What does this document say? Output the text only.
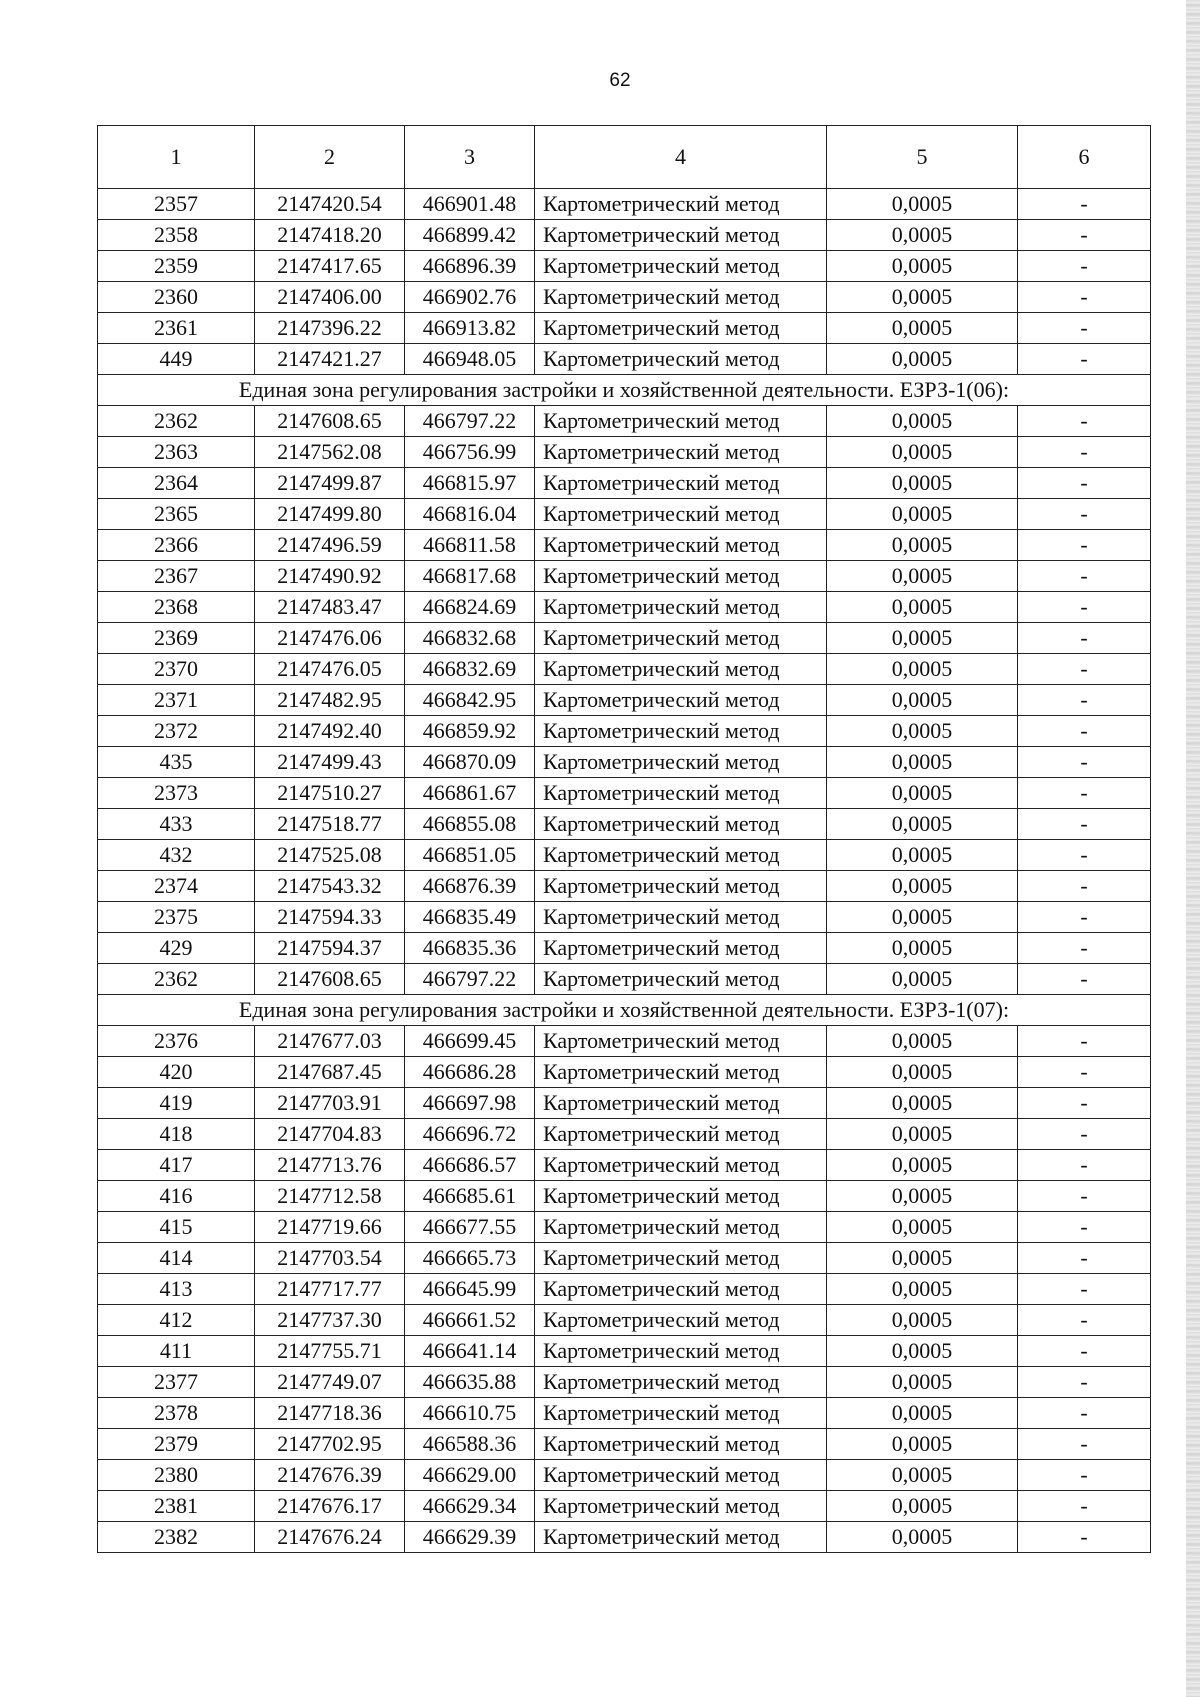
62
1	2	3	4	5	6
2357	2147420.54	466901.48	Картометрический метод	0,0005	-
2358	2147418.20	466899.42	Картометрический метод	0,0005	-
2359	2147417.65	466896.39	Картометрический метод	0,0005	-
2360	2147406.00	466902.76	Картометрический метод	0,0005	-
2361	2147396.22	466913.82	Картометрический метод	0,0005	-
449	2147421.27	466948.05	Картометрический метод	0,0005	-
Единая зона регулирования застройки и хозяйственной деятельности. ЕЗРЗ-1(06):					
2362	2147608.65	466797.22	Картометрический метод	0,0005	-
2363	2147562.08	466756.99	Картометрический метод	0,0005	-
2364	2147499.87	466815.97	Картометрический метод	0,0005	-
2365	2147499.80	466816.04	Картометрический метод	0,0005	-
2366	2147496.59	466811.58	Картометрический метод	0,0005	-
2367	2147490.92	466817.68	Картометрический метод	0,0005	-
2368	2147483.47	466824.69	Картометрический метод	0,0005	-
2369	2147476.06	466832.68	Картометрический метод	0,0005	-
2370	2147476.05	466832.69	Картометрический метод	0,0005	-
2371	2147482.95	466842.95	Картометрический метод	0,0005	-
2372	2147492.40	466859.92	Картометрический метод	0,0005	-
435	2147499.43	466870.09	Картометрический метод	0,0005	-
2373	2147510.27	466861.67	Картометрический метод	0,0005	-
433	2147518.77	466855.08	Картометрический метод	0,0005	-
432	2147525.08	466851.05	Картометрический метод	0,0005	-
2374	2147543.32	466876.39	Картометрический метод	0,0005	-
2375	2147594.33	466835.49	Картометрический метод	0,0005	-
429	2147594.37	466835.36	Картометрический метод	0,0005	-
2362	2147608.65	466797.22	Картометрический метод	0,0005	-
Единая зона регулирования застройки и хозяйственной деятельности. ЕЗРЗ-1(07):					
2376	2147677.03	466699.45	Картометрический метод	0,0005	-
420	2147687.45	466686.28	Картометрический метод	0,0005	-
419	2147703.91	466697.98	Картометрический метод	0,0005	-
418	2147704.83	466696.72	Картометрический метод	0,0005	-
417	2147713.76	466686.57	Картометрический метод	0,0005	-
416	2147712.58	466685.61	Картометрический метод	0,0005	-
415	2147719.66	466677.55	Картометрический метод	0,0005	-
414	2147703.54	466665.73	Картометрический метод	0,0005	-
413	2147717.77	466645.99	Картометрический метод	0,0005	-
412	2147737.30	466661.52	Картометрический метод	0,0005	-
411	2147755.71	466641.14	Картометрический метод	0,0005	-
2377	2147749.07	466635.88	Картометрический метод	0,0005	-
2378	2147718.36	466610.75	Картометрический метод	0,0005	-
2379	2147702.95	466588.36	Картометрический метод	0,0005	-
2380	2147676.39	466629.00	Картометрический метод	0,0005	-
2381	2147676.17	466629.34	Картометрический метод	0,0005	-
2382	2147676.24	466629.39	Картометрический метод	0,0005	-
